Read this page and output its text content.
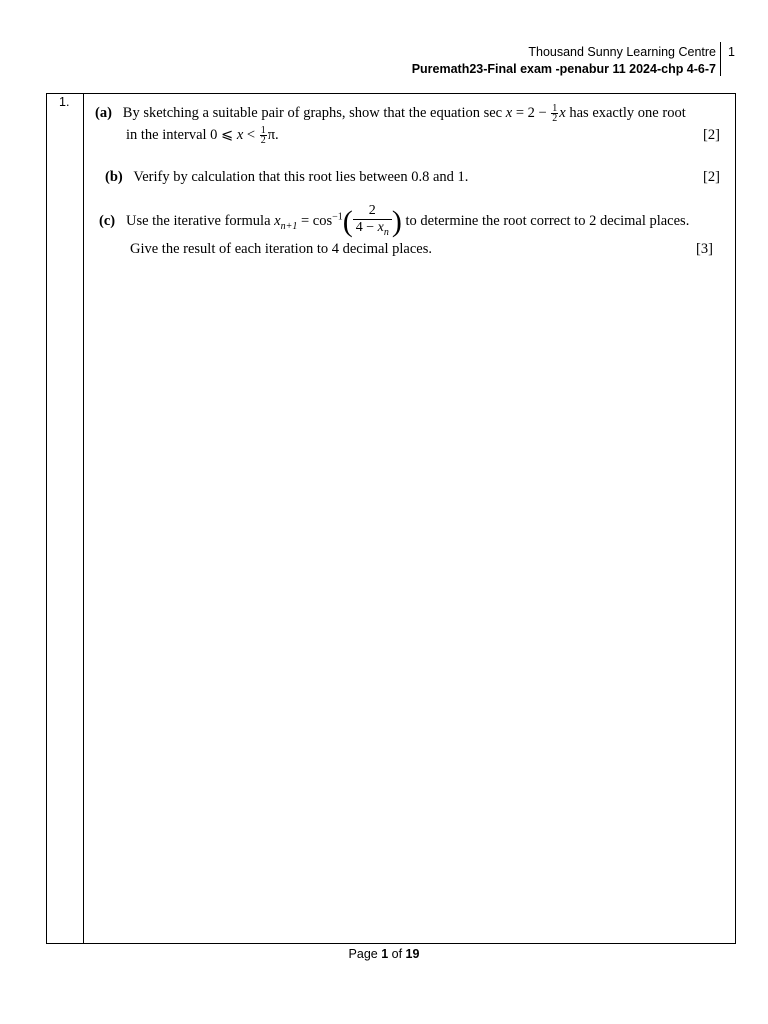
Thousand Sunny Learning Centre
Puremath23-Final exam -penabur 11 2024-chp 4-6-7
1
1.
(a) By sketching a suitable pair of graphs, show that the equation $\sec x = 2 - \frac{1}{2}$ x has exactly one root
in the interval 0 ⩽ $x < \frac{1}{2} \pi$.	[2]
(b) Verify by calculation that this root lies between 0.8 and 1.	[2]
(c) Use the iterative formula $x_{n+1} = \cos^{-1}( \frac{2}{4 - x_n}$ ) to determine the root correct to 2 decimal places.
Give the result of each iteration to 4 decimal places.	[3]
Page 1 of 19
